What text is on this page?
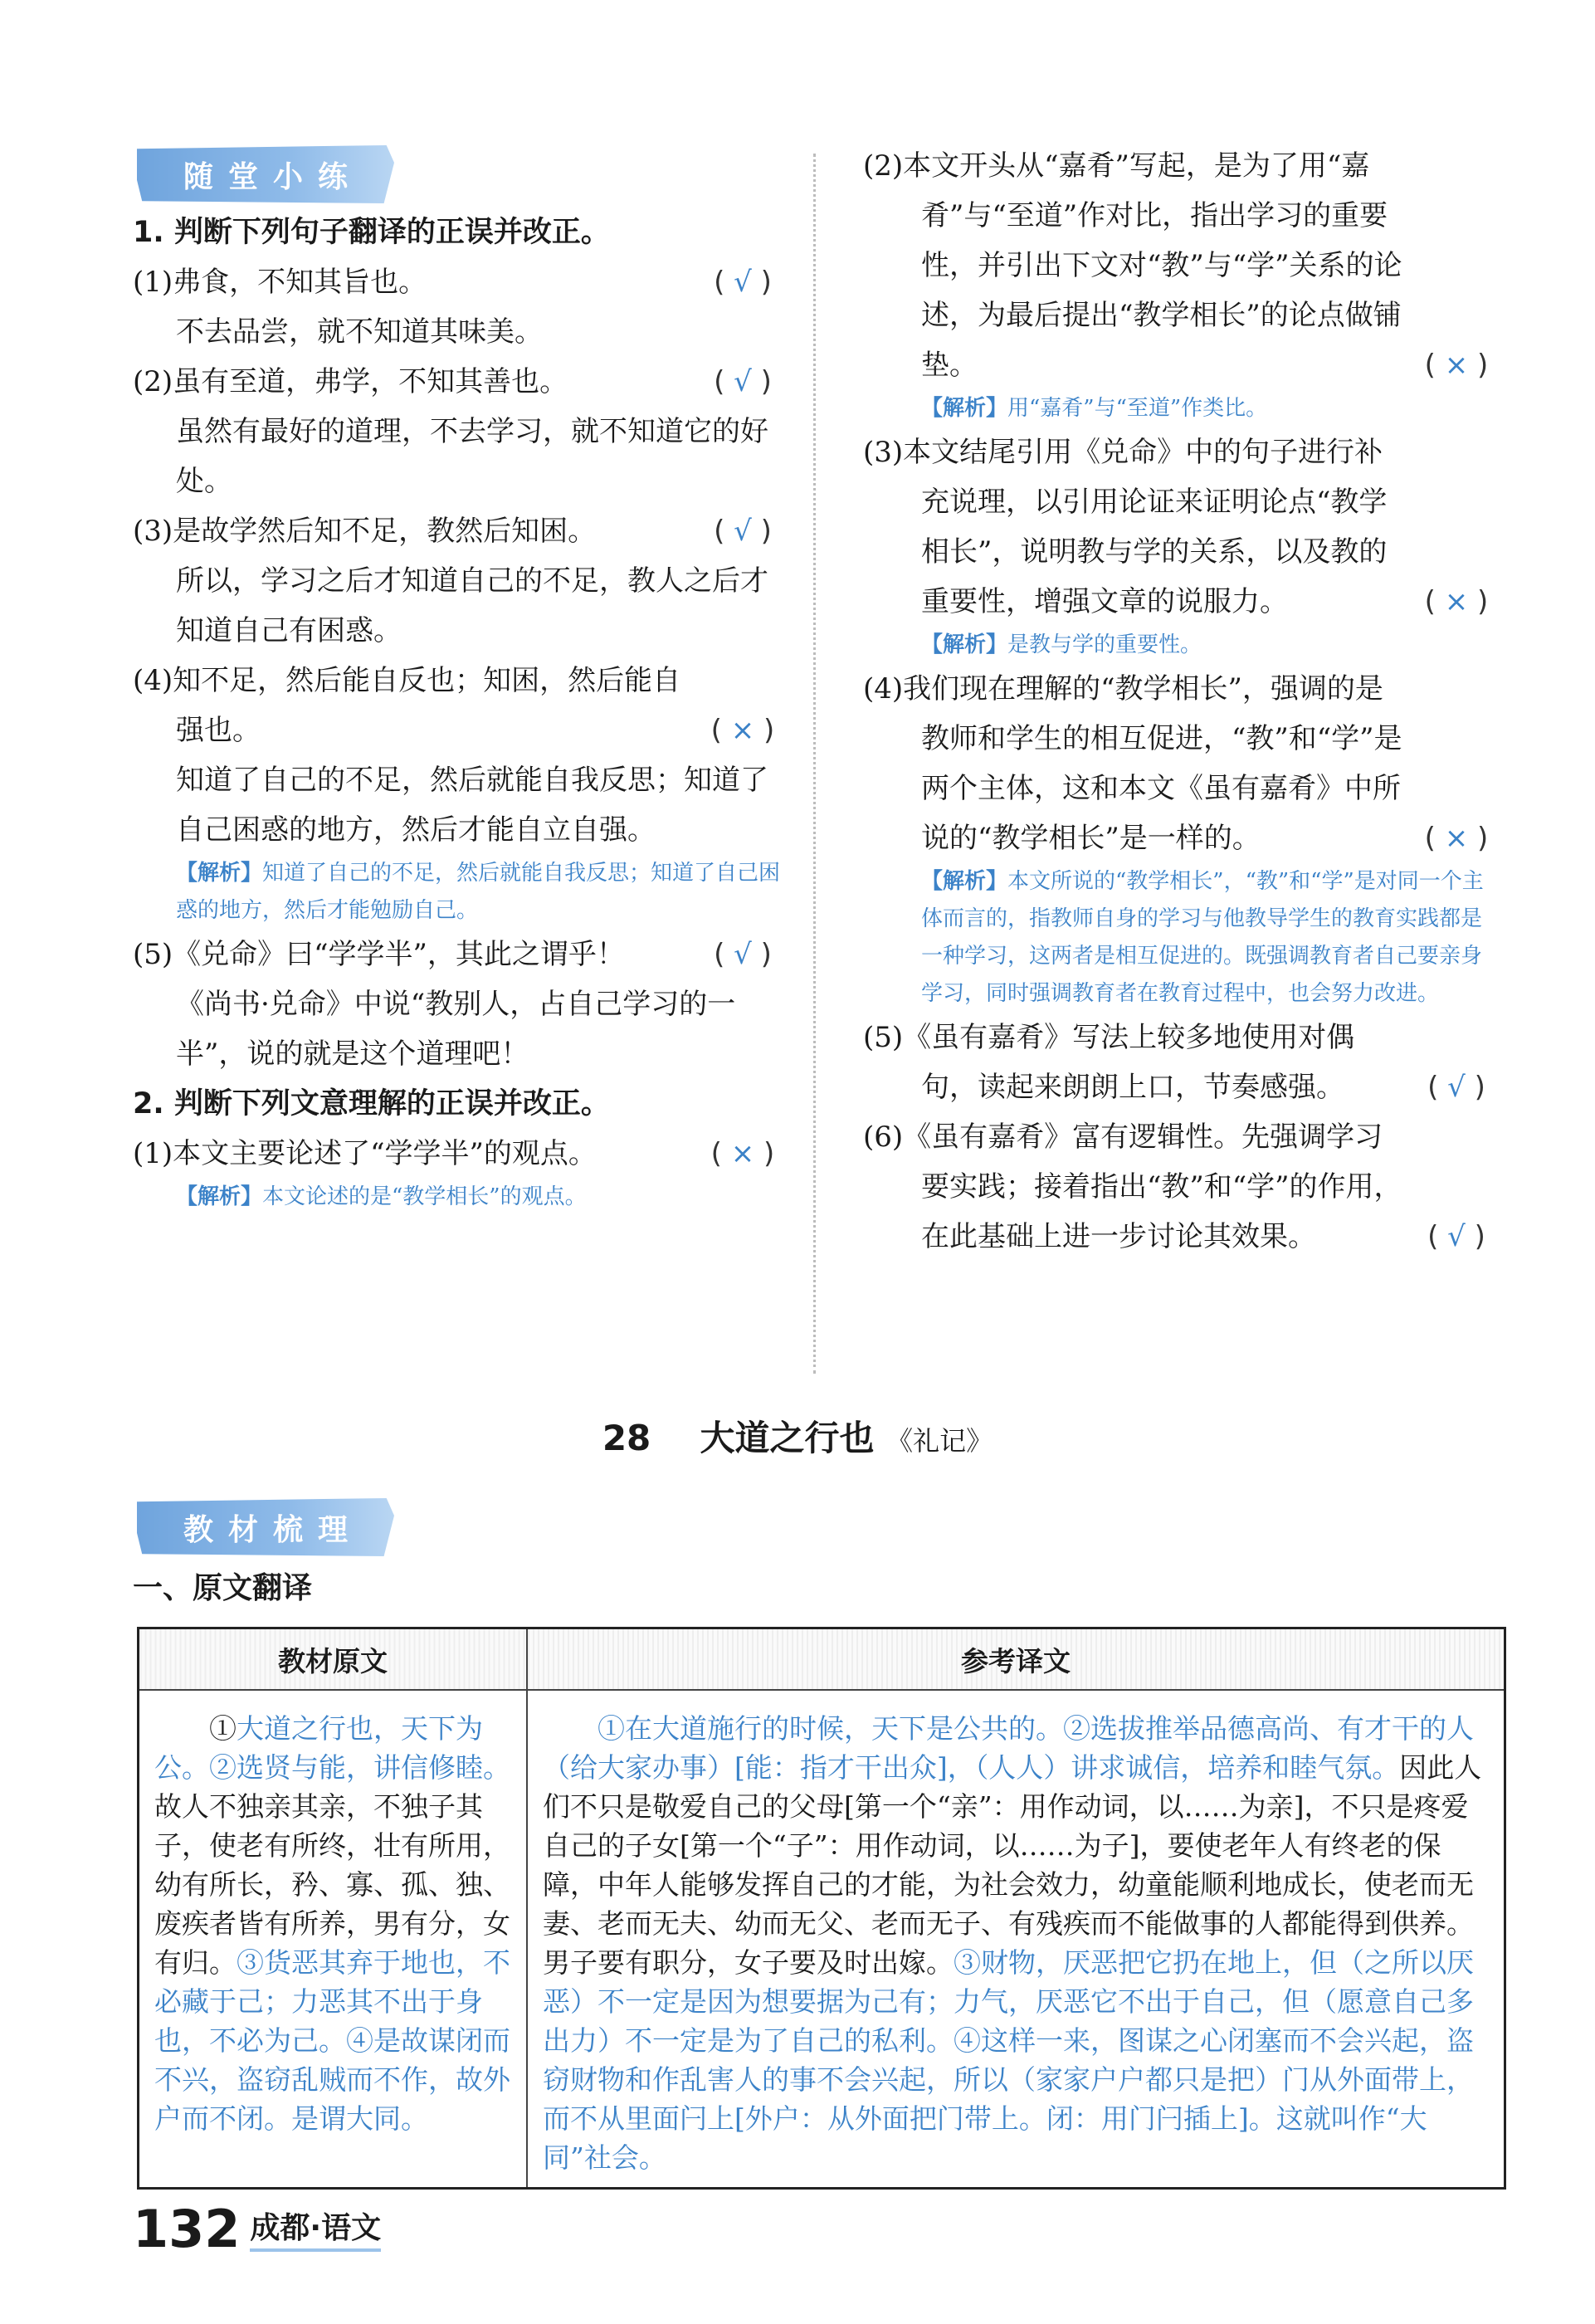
随堂小练
1. 判断下列句子翻译的正误并改正。
( √ )
(1)弗食，不知其旨也。
不去品尝，就不知道其味美。
( √ )
(2)虽有至道，弗学，不知其善也。
虽然有最好的道理，不去学习，就不知道它的好处。
( √ )
(3)是故学然后知不足，教然后知困。
所以，学习之后才知道自己的不足，教人之后才知道自己有困惑。
( × )
(4)知不足，然后能自反也；知困，然后能自强也。
知道了自己的不足，然后就能自我反思；知道了自己困惑的地方，然后才能自立自强。
【解析】知道了自己的不足，然后就能自我反思；知道了自己困惑的地方，然后才能勉励自己。
( √ )
(5)《兑命》曰“学学半”，其此之谓乎！
《尚书·兑命》中说“教别人，占自己学习的一半”，说的就是这个道理吧！
2. 判断下列文意理解的正误并改正。
( × )
(1)本文主要论述了“学学半”的观点。
【解析】本文论述的是“教学相长”的观点。
( × )
(2)本文开头从“嘉肴”写起，是为了用“嘉肴”与“至道”作对比，指出学习的重要性，并引出下文对“教”与“学”关系的论述，为最后提出“教学相长”的论点做铺垫。
【解析】用“嘉肴”与“至道”作类比。
( × )
(3)本文结尾引用《兑命》中的句子进行补充说理，以引用论证来证明论点“教学相长”，说明教与学的关系，以及教的重要性，增强文章的说服力。
【解析】是教与学的重要性。
( × )
(4)我们现在理解的“教学相长”，强调的是教师和学生的相互促进，“教”和“学”是两个主体，这和本文《虽有嘉肴》中所说的“教学相长”是一样的。
【解析】本文所说的“教学相长”，“教”和“学”是对同一个主体而言的，指教师自身的学习与他教导学生的教育实践都是一种学习，这两者是相互促进的。既强调教育者自己要亲身学习，同时强调教育者在教育过程中，也会努力改进。
( √ )
(5)《虽有嘉肴》写法上较多地使用对偶句，读起来朗朗上口，节奏感强。
( √ )
(6)《虽有嘉肴》富有逻辑性。先强调学习要实践；接着指出“教”和“学”的作用，在此基础上进一步讨论其效果。
28 大道之行也 《礼记》
教材梳理
一、原文翻译
教材原文	参考译文
①大道之行也，天下为公。②选贤与能，讲信修睦。故人不独亲其亲，不独子其子，使老有所终，壮有所用，幼有所长，矜、寡、孤、独、废疾者皆有所养，男有分，女有归。③货恶其弃于地也，不必藏于己；力恶其不出于身也，不必为己。④是故谋闭而不兴，盗窃乱贼而不作，故外户而不闭。是谓大同。	①在大道施行的时候，天下是公共的。②选拔推举品德高尚、有才干的人（给大家办事）[能：指才干出众]，（人人）讲求诚信，培养和睦气氛。因此人们不只是敬爱自己的父母[第一个“亲”：用作动词，以……为亲]，不只是疼爱自己的子女[第一个“子”：用作动词，以……为子]，要使老年人有终老的保障，中年人能够发挥自己的才能，为社会效力，幼童能顺利地成长，使老而无妻、老而无夫、幼而无父、老而无子、有残疾而不能做事的人都能得到供养。男子要有职分，女子要及时出嫁。③财物，厌恶把它扔在地上，但（之所以厌恶）不一定是因为想要据为己有；力气，厌恶它不出于自己，但（愿意自己多出力）不一定是为了自己的私利。④这样一来，图谋之心闭塞而不会兴起，盗窃财物和作乱害人的事不会兴起，所以（家家户户都只是把）门从外面带上，而不从里面闩上[外户：从外面把门带上。闭：用门闩插上]。这就叫作“大同”社会。
132 成都·语文
